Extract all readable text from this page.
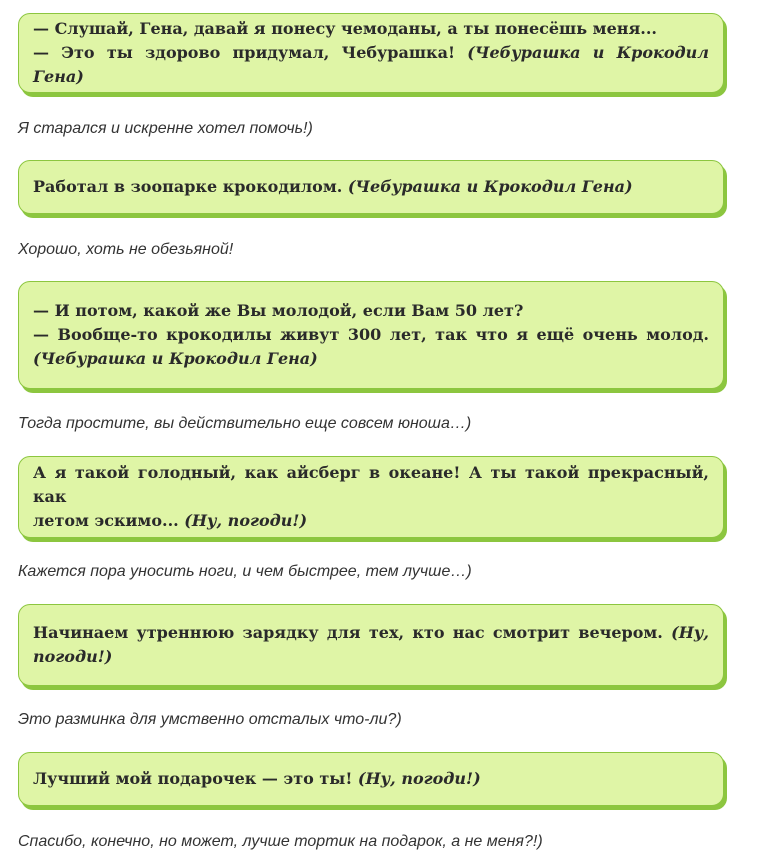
— Слушай, Гена, давай я понесу чемоданы, а ты понесёшь меня...
— Это ты здорово придумал, Чебурашка! (Чебурашка и Крокодил Гена)
Я старался и искренне хотел помочь!)
Работал в зоопарке крокодилом. (Чебурашка и Крокодил Гена)
Хорошо, хоть не обезьяной!
— И потом, какой же Вы молодой, если Вам 50 лет?
— Вообще-то крокодилы живут 300 лет, так что я ещё очень молод.
(Чебурашка и Крокодил Гена)
Тогда простите, вы действительно еще совсем юноша…)
А я такой голодный, как айсберг в океане! А ты такой прекрасный, как
летом эскимо... (Ну, погоди!)
Кажется пора уносить ноги, и чем быстрее, тем лучше…)
Начинаем утреннюю зарядку для тех, кто нас смотрит вечером. (Ну,
погоди!)
Это разминка для умственно отсталых что-ли?)
Лучший мой подарочек — это ты! (Ну, погоди!)
Спасибо, конечно, но может, лучше тортик на подарок, а не меня?!)
